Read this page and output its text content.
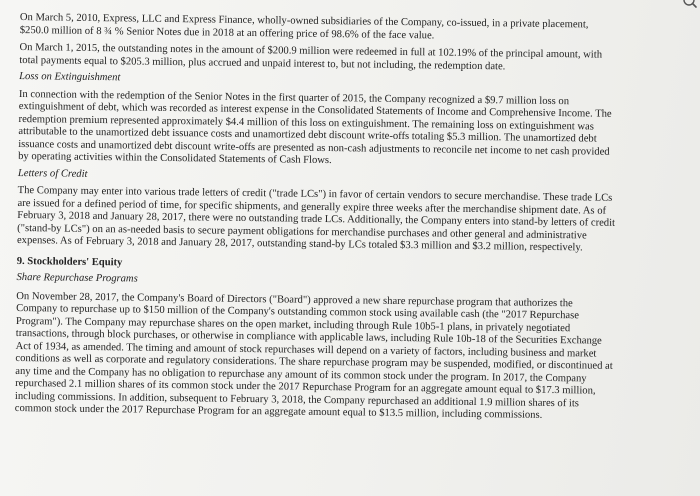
On March 5, 2010, Express, LLC and Express Finance, wholly-owned subsidiaries of the Company, co-issued, in a private placement, $250.0 million of 8 ¾ % Senior Notes due in 2018 at an offering price of 98.6% of the face value.

On March 1, 2015, the outstanding notes in the amount of $200.9 million were redeemed in full at 102.19% of the principal amount, with total payments equal to $205.3 million, plus accrued and unpaid interest to, but not including, the redemption date.

Loss on Extinguishment

In connection with the redemption of the Senior Notes in the first quarter of 2015, the Company recognized a $9.7 million loss on extinguishment of debt, which was recorded as interest expense in the Consolidated Statements of Income and Comprehensive Income. The redemption premium represented approximately $4.4 million of this loss on extinguishment. The remaining loss on extinguishment was attributable to the unamortized debt issuance costs and unamortized debt discount write-offs totaling $5.3 million. The unamortized debt issuance costs and unamortized debt discount write-offs are presented as non-cash adjustments to reconcile net income to net cash provided by operating activities within the Consolidated Statements of Cash Flows.

Letters of Credit

The Company may enter into various trade letters of credit ("trade LCs") in favor of certain vendors to secure merchandise. These trade LCs are issued for a defined period of time, for specific shipments, and generally expire three weeks after the merchandise shipment date. As of February 3, 2018 and January 28, 2017, there were no outstanding trade LCs. Additionally, the Company enters into stand-by letters of credit ("stand-by LCs") on an as-needed basis to secure payment obligations for merchandise purchases and other general and administrative expenses. As of February 3, 2018 and January 28, 2017, outstanding stand-by LCs totaled $3.3 million and $3.2 million, respectively.

9. Stockholders' Equity

Share Repurchase Programs

On November 28, 2017, the Company's Board of Directors ("Board") approved a new share repurchase program that authorizes the Company to repurchase up to $150 million of the Company's outstanding common stock using available cash (the "2017 Repurchase Program"). The Company may repurchase shares on the open market, including through Rule 10b5-1 plans, in privately negotiated transactions, through block purchases, or otherwise in compliance with applicable laws, including Rule 10b-18 of the Securities Exchange Act of 1934, as amended. The timing and amount of stock repurchases will depend on a variety of factors, including business and market conditions as well as corporate and regulatory considerations. The share repurchase program may be suspended, modified, or discontinued at any time and the Company has no obligation to repurchase any amount of its common stock under the program. In 2017, the Company repurchased 2.1 million shares of its common stock under the 2017 Repurchase Program for an aggregate amount equal to $17.3 million, including commissions. In addition, subsequent to February 3, 2018, the Company repurchased an additional 1.9 million shares of its common stock under the 2017 Repurchase Program for an aggregate amount equal to $13.5 million, including commissions.
